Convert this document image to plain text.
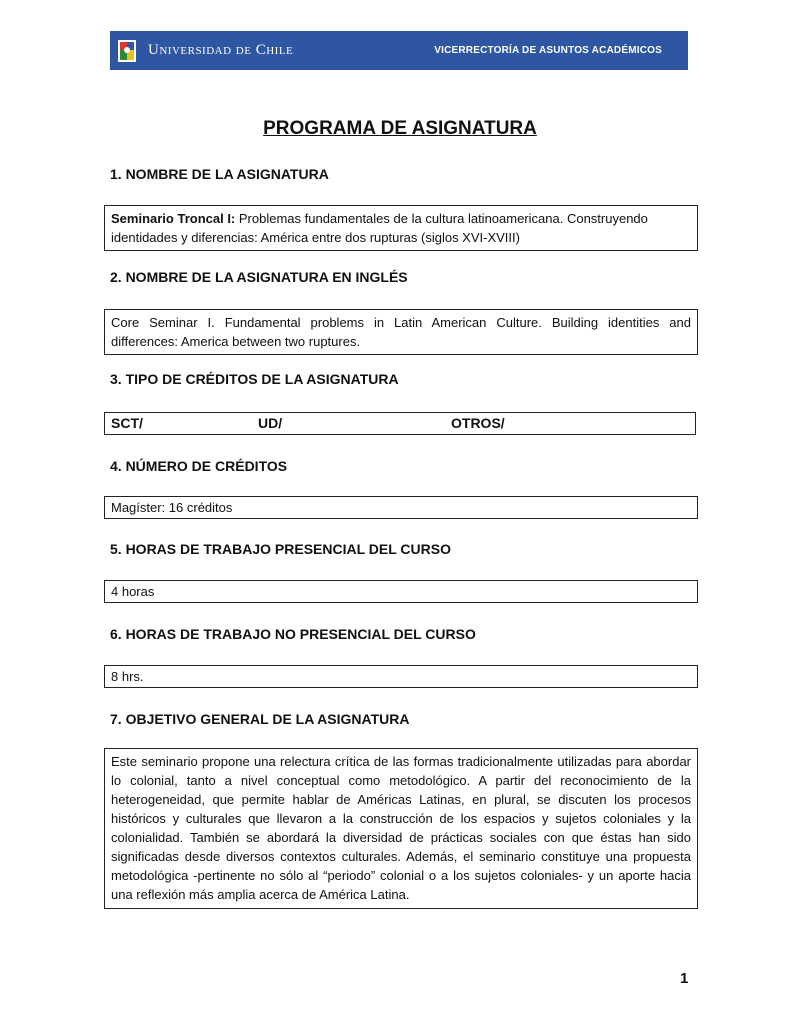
Universidad de Chile	VICERRECTORÍA DE ASUNTOS ACADÉMICOS
PROGRAMA DE ASIGNATURA
1. NOMBRE DE LA ASIGNATURA
Seminario Troncal I: Problemas fundamentales de la cultura latinoamericana. Construyendo identidades y diferencias: América entre dos rupturas (siglos XVI-XVIII)
2. NOMBRE DE LA ASIGNATURA EN INGLÉS
Core Seminar I. Fundamental problems in Latin American Culture. Building identities and differences: America between two ruptures.
3. TIPO DE CRÉDITOS DE LA ASIGNATURA
SCT/	UD/	OTROS/
4. NÚMERO DE CRÉDITOS
Magíster: 16 créditos
5. HORAS DE TRABAJO PRESENCIAL DEL CURSO
4 horas
6. HORAS DE TRABAJO NO PRESENCIAL DEL CURSO
8 hrs.
7. OBJETIVO GENERAL DE LA ASIGNATURA
Este seminario propone una relectura crítica de las formas tradicionalmente utilizadas para abordar lo colonial, tanto a nivel conceptual como metodológico. A partir del reconocimiento de la heterogeneidad, que permite hablar de Américas Latinas, en plural, se discuten los procesos históricos y culturales que llevaron a la construcción de los espacios y sujetos coloniales y la colonialidad. También se abordará la diversidad de prácticas sociales con que éstas han sido significadas desde diversos contextos culturales. Además, el seminario constituye una propuesta metodológica -pertinente no sólo al “periodo” colonial o a los sujetos coloniales- y un aporte hacia una reflexión más amplia acerca de América Latina.
1
